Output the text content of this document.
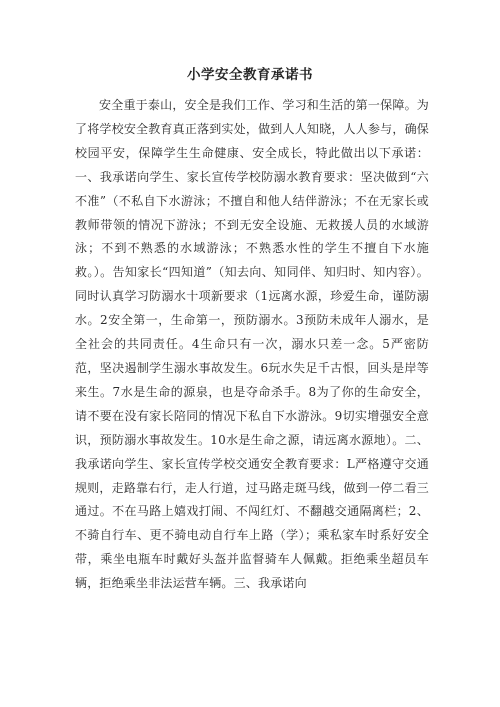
小学安全教育承诺书

安全重于泰山，安全是我们工作、学习和生活的第一保障。为了将学校安全教育真正落到实处，做到人人知晓，人人参与，确保校园平安，保障学生生命健康、安全成长，特此做出以下承诺：一、我承诺向学生、家长宣传学校防溺水教育要求：坚决做到“六不准”（不私自下水游泳；不擅自和他人结伴游泳；不在无家长或教师带领的情况下游泳；不到无安全设施、无救援人员的水域游泳；不到不熟悉的水域游泳；不熟悉水性的学生不擅自下水施救。）。告知家长“四知道”（知去向、知同伴、知归时、知内容）。同时认真学习防溺水十项新要求（1远离水源，珍爱生命，谨防溺水。2安全第一，生命第一，预防溺水。3预防未成年人溺水，是全社会的共同责任。4生命只有一次，溺水只差一念。5严密防范，坚决遏制学生溺水事故发生。6玩水失足千古恨，回头是岸等来生。7水是生命的源泉，也是夺命杀手。8为了你的生命安全，请不要在没有家长陪同的情况下私自下水游泳。9切实增强安全意识，预防溺水事故发生。10水是生命之源，请远离水源地）。二、我承诺向学生、家长宣传学校交通安全教育要求：L严格遵守交通规则，走路靠右行，走人行道，过马路走斑马线，做到一停二看三通过。不在马路上嬉戏打闹、不闯红灯、不翻越交通隔离栏；2、不骑自行车、更不骑电动自行车上路（学）；乘私家车时系好安全带，乘坐电瓶车时戴好头盔并监督骑车人佩戴。拒绝乘坐超员车辆，拒绝乘坐非法运营车辆。三、我承诺向
